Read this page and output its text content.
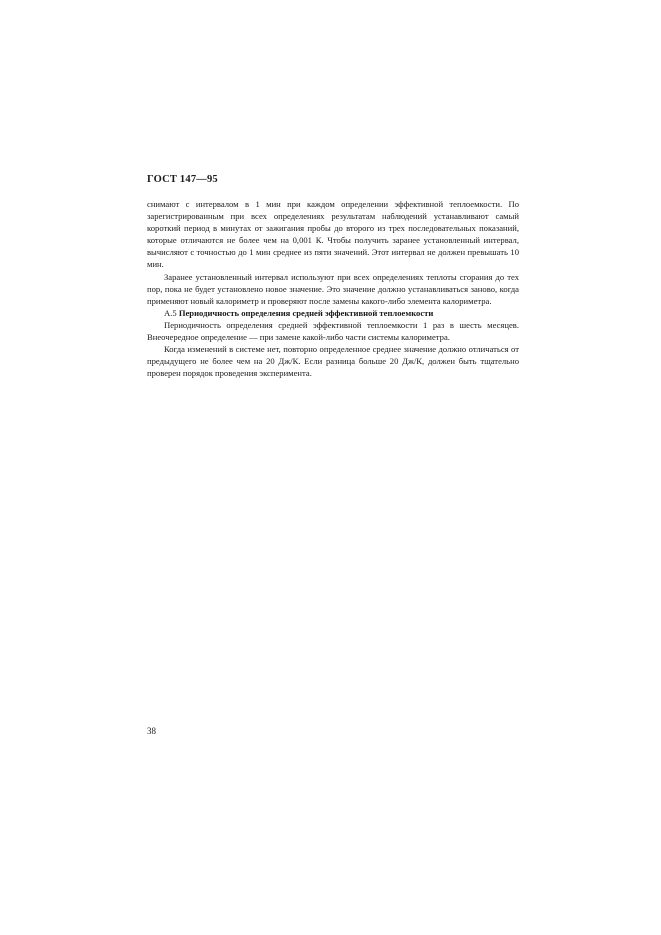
ГОСТ 147—95

снимают с интервалом в 1 мин при каждом определении эффективной теплоемкости. По зарегистрированным при всех определениях результатам наблюдений устанавливают самый короткий период в минутах от зажигания пробы до второго из трех последовательных показаний, которые отличаются не более чем на 0,001 К. Чтобы получить заранее установленный интервал, вычисляют с точностью до 1 мин среднее из пяти значений. Этот интервал не должен превышать 10 мин.

Заранее установленный интервал используют при всех определениях теплоты сгорания до тех пор, пока не будет установлено новое значение. Это значение должно устанавливаться заново, когда применяют новый калориметр и проверяют после замены какого-либо элемента калориметра.

А.5 Периодичность определения средней эффективной теплоемкости

Периодичность определения средней эффективной теплоемкости 1 раз в шесть месяцев. Внеочередное определение — при замене какой-либо части системы калориметра.

Когда изменений в системе нет, повторно определенное среднее значение должно отличаться от предыдущего не более чем на 20 Дж/К. Если разница больше 20 Дж/К, должен быть тщательно проверен порядок проведения эксперимента.

38
